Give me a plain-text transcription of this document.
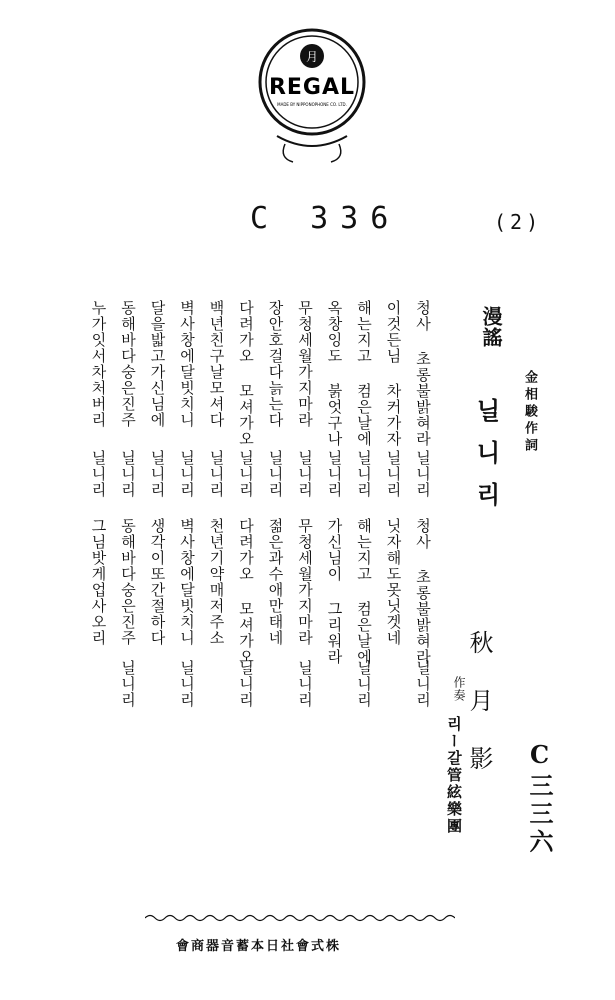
月
REGAL
MADE BY NIPPONOPHONE CO. LTD.
C 336	(2)
漫謠
金相駿作詞
닐니리
秋月影
作奏
리ー갈管絃樂團	C三三六
청사 초롱불밝혀라
닐니리
청사 초롱불밝혀라
닐니리
이것든님 차커가자
닐니리
닛자해도못닛겟네
해는지고 컴은날에
닐니리
해는지고 컴은날에
닐니리
옥창잉도 붉엇구나
닐니리
가신님이 그리워라
무청세월가지마라
닐니리
무청세월가지마라
닐니리
장안호걸다늙는다
닐니리
젊은과수애만태네
다려가오 모셔가오
닐니리
다려가오 모셔가오
닐니리
백년친구날모셔다
닐니리
천년기약매저주소
벽사창에달빗치니
닐니리
벽사창에달빗치니
닐니리
달을밟고가신님에
닐니리
생각이또간절하다
동해바다숭은진주
닐니리
동해바다숭은진주
닐니리
누가잇서차처버리
닐니리
그님밧게업사오리
會商器音蓄本日社會式株
